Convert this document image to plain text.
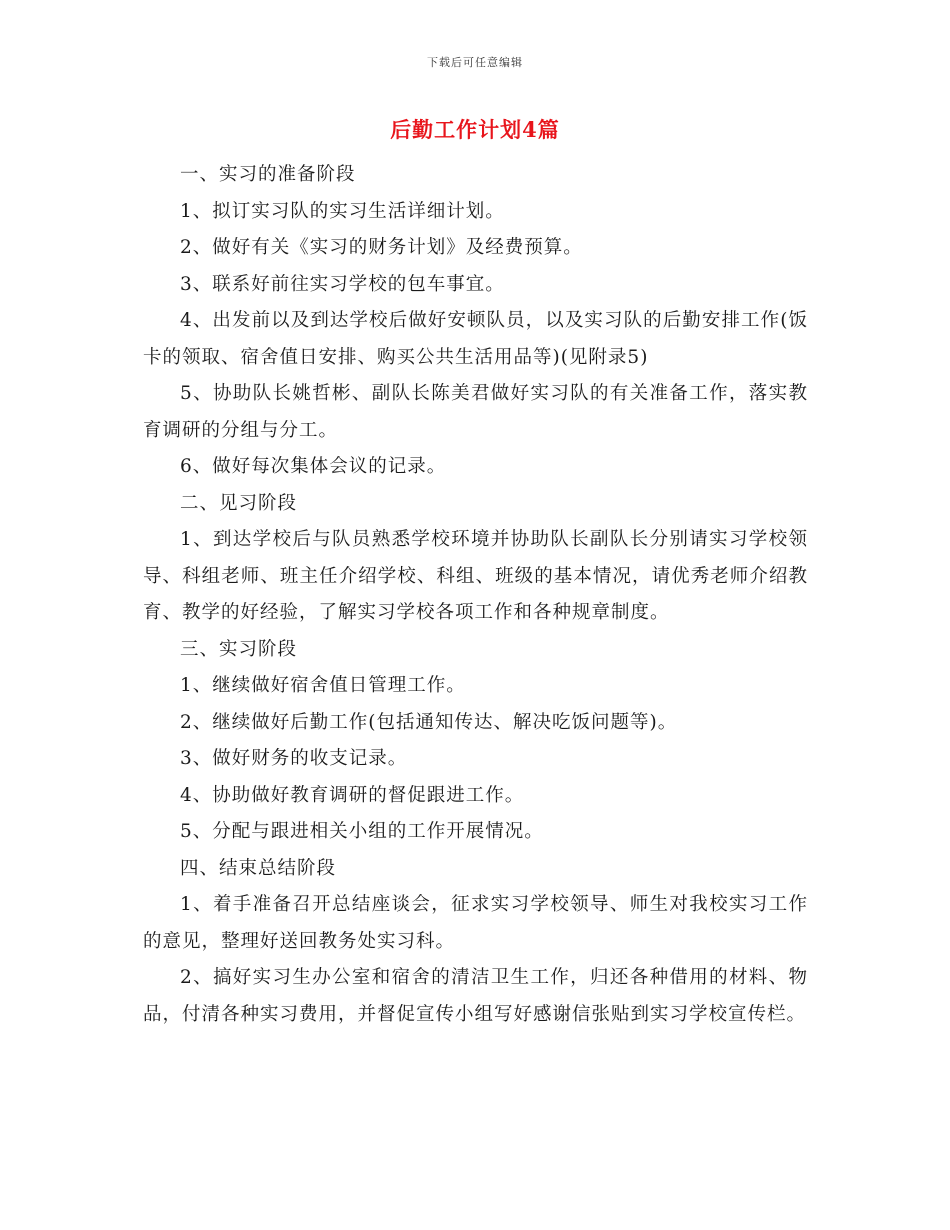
下载后可任意编辑
后勤工作计划4篇

一、实习的准备阶段

1、拟订实习队的实习生活详细计划。

2、做好有关《实习的财务计划》及经费预算。

3、联系好前往实习学校的包车事宜。

4、出发前以及到达学校后做好安顿队员，以及实习队的后勤安排工作(饭卡的领取、宿舍值日安排、购买公共生活用品等)(见附录5)

5、协助队长姚哲彬、副队长陈美君做好实习队的有关准备工作，落实教育调研的分组与分工。

6、做好每次集体会议的记录。

二、见习阶段

1、到达学校后与队员熟悉学校环境并协助队长副队长分别请实习学校领导、科组老师、班主任介绍学校、科组、班级的基本情况，请优秀老师介绍教育、教学的好经验，了解实习学校各项工作和各种规章制度。

三、实习阶段

1、继续做好宿舍值日管理工作。

2、继续做好后勤工作(包括通知传达、解决吃饭问题等)。

3、做好财务的收支记录。

4、协助做好教育调研的督促跟进工作。

5、分配与跟进相关小组的工作开展情况。

四、结束总结阶段

1、着手准备召开总结座谈会，征求实习学校领导、师生对我校实习工作的意见，整理好送回教务处实习科。

2、搞好实习生办公室和宿舍的清洁卫生工作，归还各种借用的材料、物品，付清各种实习费用，并督促宣传小组写好感谢信张贴到实习学校宣传栏。
